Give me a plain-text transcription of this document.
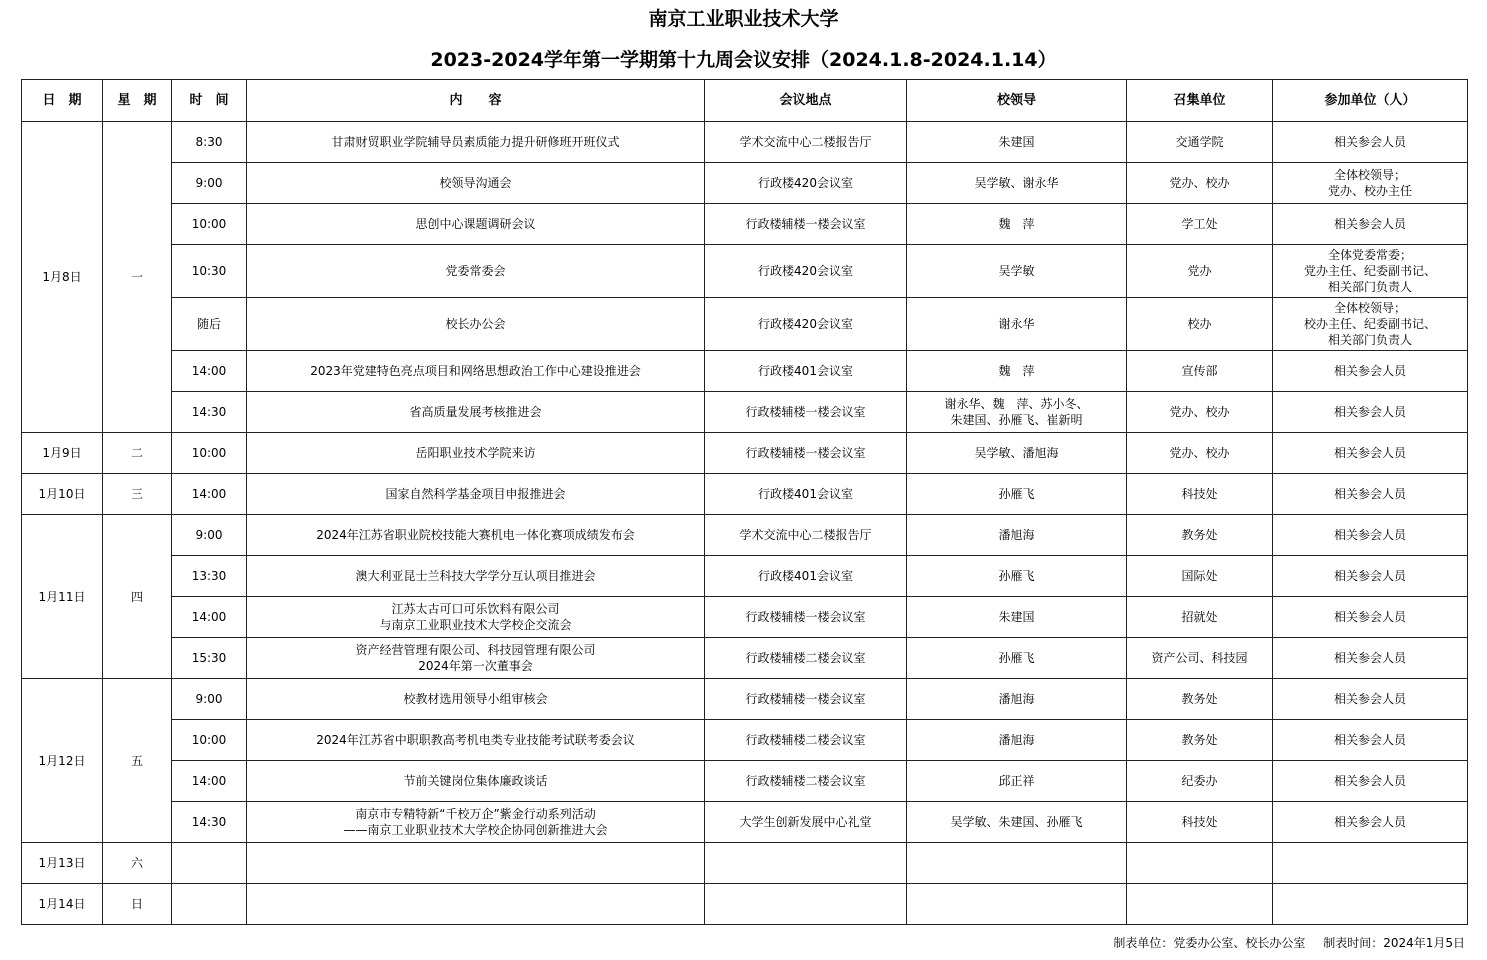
南京工业职业技术大学
2023-2024学年第一学期第十九周会议安排（2024.1.8-2024.1.14）
日　期	星　期	时　间	内　　容	会议地点	校领导	召集单位	参加单位（人）
1月8日	一	8:30	甘肃财贸职业学院辅导员素质能力提升研修班开班仪式	学术交流中心二楼报告厅	朱建国	交通学院	相关参会人员
		9:00	校领导沟通会	行政楼420会议室	吴学敏、谢永华	党办、校办	全体校领导；
党办、校办主任
		10:00	思创中心课题调研会议	行政楼辅楼一楼会议室	魏　萍	学工处	相关参会人员
		10:30	党委常委会	行政楼420会议室	吴学敏	党办	全体党委常委；
党办主任、纪委副书记、
相关部门负责人
		随后	校长办公会	行政楼420会议室	谢永华	校办	全体校领导；
校办主任、纪委副书记、
相关部门负责人
		14:00	2023年党建特色亮点项目和网络思想政治工作中心建设推进会	行政楼401会议室	魏　萍	宣传部	相关参会人员
		14:30	省高质量发展考核推进会	行政楼辅楼一楼会议室	谢永华、魏　萍、苏小冬、
朱建国、孙雁飞、崔新明	党办、校办	相关参会人员
1月9日	二	10:00	岳阳职业技术学院来访	行政楼辅楼一楼会议室	吴学敏、潘旭海	党办、校办	相关参会人员
1月10日	三	14:00	国家自然科学基金项目申报推进会	行政楼401会议室	孙雁飞	科技处	相关参会人员
1月11日	四	9:00	2024年江苏省职业院校技能大赛机电一体化赛项成绩发布会	学术交流中心二楼报告厅	潘旭海	教务处	相关参会人员
		13:30	澳大利亚昆士兰科技大学学分互认项目推进会	行政楼401会议室	孙雁飞	国际处	相关参会人员
		14:00	江苏太古可口可乐饮料有限公司
与南京工业职业技术大学校企交流会	行政楼辅楼一楼会议室	朱建国	招就处	相关参会人员
		15:30	资产经营管理有限公司、科技园管理有限公司
2024年第一次董事会	行政楼辅楼二楼会议室	孙雁飞	资产公司、科技园	相关参会人员
1月12日	五	9:00	校教材选用领导小组审核会	行政楼辅楼一楼会议室	潘旭海	教务处	相关参会人员
		10:00	2024年江苏省中职职教高考机电类专业技能考试联考委会议	行政楼辅楼二楼会议室	潘旭海	教务处	相关参会人员
		14:00	节前关键岗位集体廉政谈话	行政楼辅楼二楼会议室	邱正祥	纪委办	相关参会人员
		14:30	南京市专精特新“千校万企”紫金行动系列活动
——南京工业职业技术大学校企协同创新推进大会	大学生创新发展中心礼堂	吴学敏、朱建国、孙雁飞	科技处	相关参会人员
1月13日	六						
1月14日	日						
制表单位：党委办公室、校长办公室 制表时间：2024年1月5日
